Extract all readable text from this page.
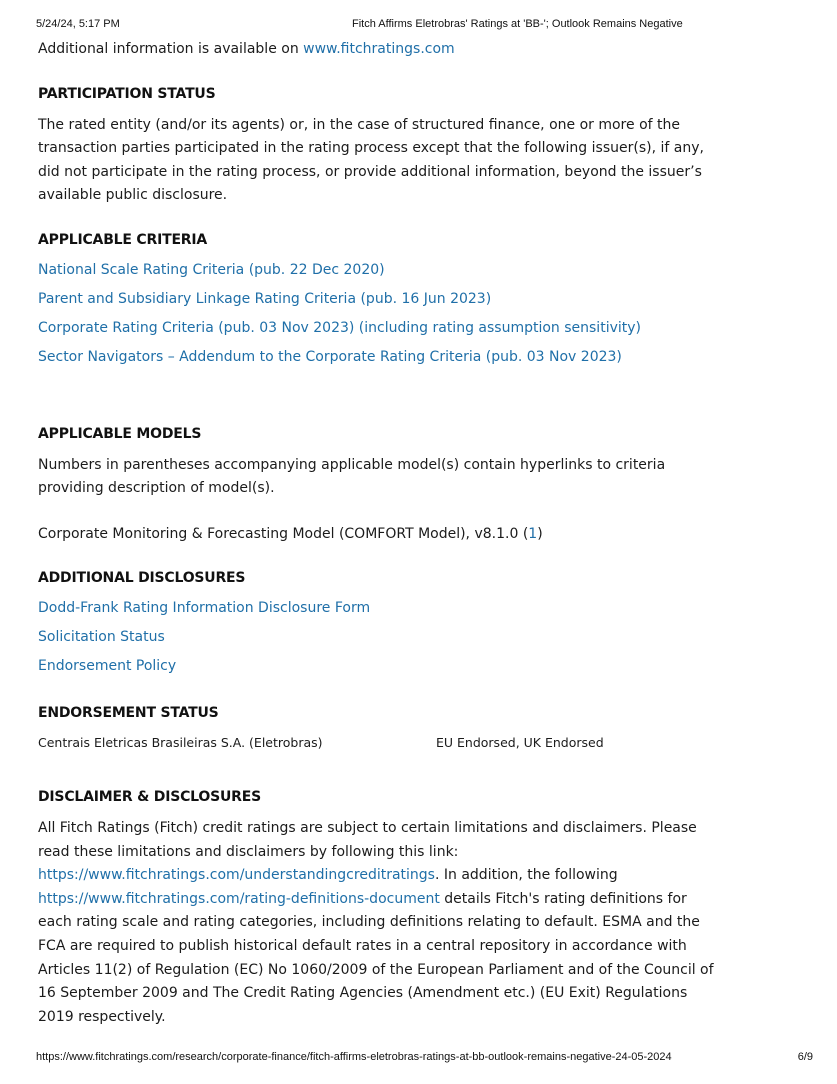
5/24/24, 5:17 PM	Fitch Affirms Eletrobras' Ratings at 'BB-'; Outlook Remains Negative

Additional information is available on www.fitchratings.com

PARTICIPATION STATUS

The rated entity (and/or its agents) or, in the case of structured finance, one or more of the transaction parties participated in the rating process except that the following issuer(s), if any, did not participate in the rating process, or provide additional information, beyond the issuer’s available public disclosure.

APPLICABLE CRITERIA
National Scale Rating Criteria (pub. 22 Dec 2020)
Parent and Subsidiary Linkage Rating Criteria (pub. 16 Jun 2023)
Corporate Rating Criteria (pub. 03 Nov 2023) (including rating assumption sensitivity)
Sector Navigators – Addendum to the Corporate Rating Criteria (pub. 03 Nov 2023)
APPLICABLE MODELS

Numbers in parentheses accompanying applicable model(s) contain hyperlinks to criteria providing description of model(s).

Corporate Monitoring & Forecasting Model (COMFORT Model), v8.1.0 (1)

ADDITIONAL DISCLOSURES
Dodd-Frank Rating Information Disclosure Form
Solicitation Status
Endorsement Policy
ENDORSEMENT STATUS
Centrais Eletricas Brasileiras S.A. (Eletrobras)	EU Endorsed, UK Endorsed
DISCLAIMER & DISCLOSURES

All Fitch Ratings (Fitch) credit ratings are subject to certain limitations and disclaimers. Please read these limitations and disclaimers by following this link:
https://www.fitchratings.com/understandingcreditratings. In addition, the following
https://www.fitchratings.com/rating-definitions-document details Fitch's rating definitions for each rating scale and rating categories, including definitions relating to default. ESMA and the FCA are required to publish historical default rates in a central repository in accordance with Articles 11(2) of Regulation (EC) No 1060/2009 of the European Parliament and of the Council of 16 September 2009 and The Credit Rating Agencies (Amendment etc.) (EU Exit) Regulations 2019 respectively.

https://www.fitchratings.com/research/corporate-finance/fitch-affirms-eletrobras-ratings-at-bb-outlook-remains-negative-24-05-2024	6/9
